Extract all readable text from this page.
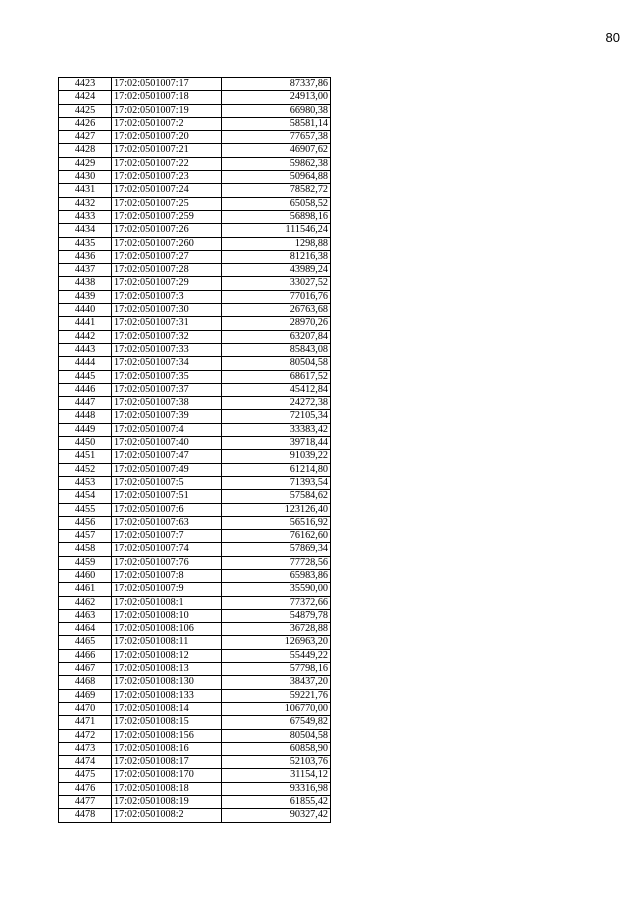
80
4423	17:02:0501007:17	87337,86
4424	17:02:0501007:18	24913,00
4425	17:02:0501007:19	66980,38
4426	17:02:0501007:2	58581,14
4427	17:02:0501007:20	77657,38
4428	17:02:0501007:21	46907,62
4429	17:02:0501007:22	59862,38
4430	17:02:0501007:23	50964,88
4431	17:02:0501007:24	78582,72
4432	17:02:0501007:25	65058,52
4433	17:02:0501007:259	56898,16
4434	17:02:0501007:26	111546,24
4435	17:02:0501007:260	1298,88
4436	17:02:0501007:27	81216,38
4437	17:02:0501007:28	43989,24
4438	17:02:0501007:29	33027,52
4439	17:02:0501007:3	77016,76
4440	17:02:0501007:30	26763,68
4441	17:02:0501007:31	28970,26
4442	17:02:0501007:32	63207,84
4443	17:02:0501007:33	85843,08
4444	17:02:0501007:34	80504,58
4445	17:02:0501007:35	68617,52
4446	17:02:0501007:37	45412,84
4447	17:02:0501007:38	24272,38
4448	17:02:0501007:39	72105,34
4449	17:02:0501007:4	33383,42
4450	17:02:0501007:40	39718,44
4451	17:02:0501007:47	91039,22
4452	17:02:0501007:49	61214,80
4453	17:02:0501007:5	71393,54
4454	17:02:0501007:51	57584,62
4455	17:02:0501007:6	123126,40
4456	17:02:0501007:63	56516,92
4457	17:02:0501007:7	76162,60
4458	17:02:0501007:74	57869,34
4459	17:02:0501007:76	77728,56
4460	17:02:0501007:8	65983,86
4461	17:02:0501007:9	35590,00
4462	17:02:0501008:1	77372,66
4463	17:02:0501008:10	54879,78
4464	17:02:0501008:106	36728,88
4465	17:02:0501008:11	126963,20
4466	17:02:0501008:12	55449,22
4467	17:02:0501008:13	57798,16
4468	17:02:0501008:130	38437,20
4469	17:02:0501008:133	59221,76
4470	17:02:0501008:14	106770,00
4471	17:02:0501008:15	67549,82
4472	17:02:0501008:156	80504,58
4473	17:02:0501008:16	60858,90
4474	17:02:0501008:17	52103,76
4475	17:02:0501008:170	31154,12
4476	17:02:0501008:18	93316,98
4477	17:02:0501008:19	61855,42
4478	17:02:0501008:2	90327,42
